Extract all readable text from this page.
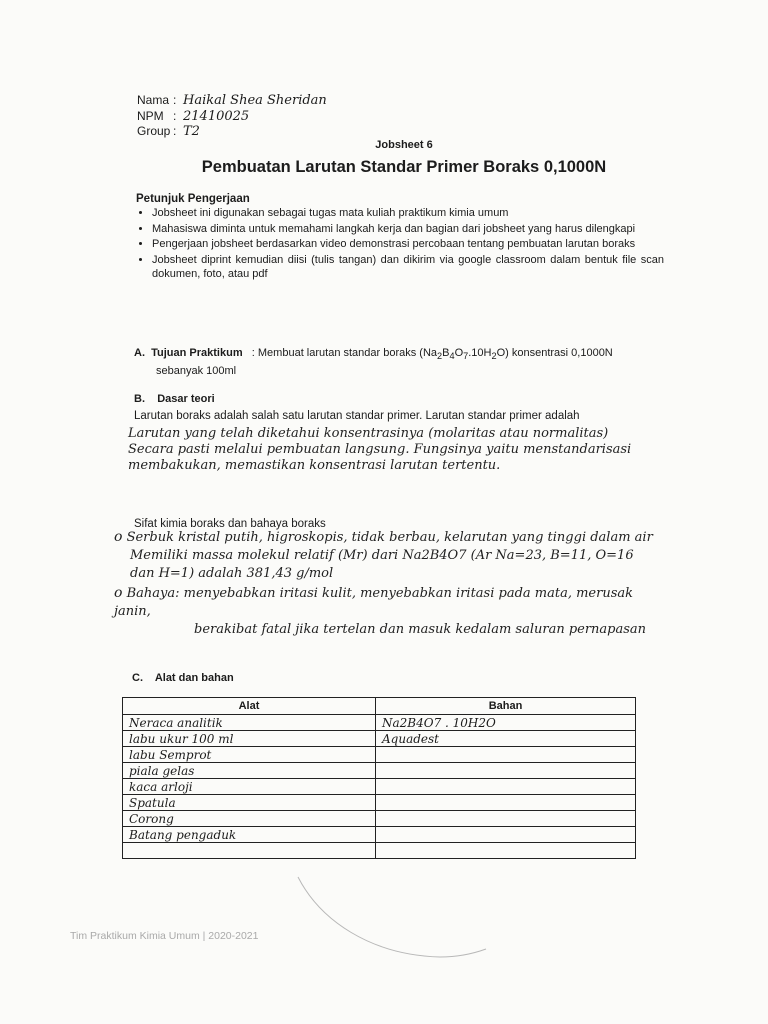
Nama : Haikal Shea Sheridan
NPM : 21410025
Group : T2
Jobsheet 6
Pembuatan Larutan Standar Primer Boraks 0,1000N
Petunjuk Pengerjaan
• Jobsheet ini digunakan sebagai tugas mata kuliah praktikum kimia umum
• Mahasiswa diminta untuk memahami langkah kerja dan bagian dari jobsheet yang harus dilengkapi
• Pengerjaan jobsheet berdasarkan video demonstrasi percobaan tentang pembuatan larutan boraks
• Jobsheet diprint kemudian diisi (tulis tangan) dan dikirim via google classroom dalam bentuk file scan dokumen, foto, atau pdf
A. Tujuan Praktikum : Membuat larutan standar boraks $(Na_2B_4O_7.10H_2O)$ konsentrasi 0,1000N
sebanyak 100ml
B.    Dasar teori
Larutan boraks adalah salah satu larutan standar primer. Larutan standar primer adalah
Larutan yang telah diketahui konsentrasinya (molaritas atau normalitas)
Secara pasti melalui pembuatan langsung. Fungsinya yaitu menstandarisasi
membakukan, memastikan konsentrasi larutan tertentu.
Sifat kimia boraks dan bahaya boraks
o Serbuk kristal putih, higroskopis, tidak berbau, kelarutan yang tinggi dalam air
Memiliki massa molekul relatif (Mr) dari Na2B4O7 (Ar Na=23, B=11, O=16
dan H=1) adalah 381,43 g/mol
o Bahaya: menyebabkan iritasi kulit, menyebabkan iritasi pada mata, merusak janin,
berakibat fatal jika tertelan dan masuk kedalam saluran pernapasan
C.    Alat dan bahan
Alat	Bahan
Neraca analitik	Na2B4O7 . 10H2O
labu ukur 100 ml	Aquadest
labu Semprot	
piala gelas	
kaca arloji	
Spatula	
Corong	
Batang pengaduk	

Tim Praktikum Kimia Umum | 2020-2021
